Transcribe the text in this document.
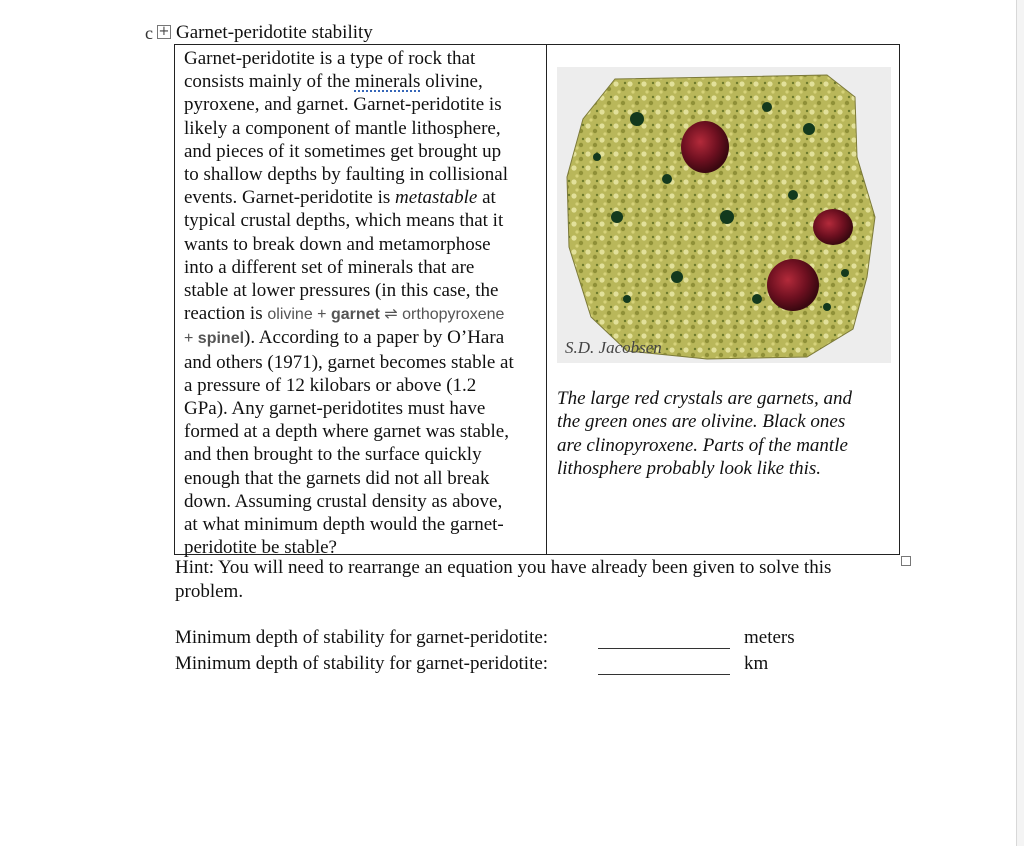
c + Garnet-peridotite stability
Garnet-peridotite is a type of rock that
consists mainly of the minerals olivine,
pyroxene, and garnet. Garnet-peridotite is
likely a component of mantle lithosphere,
and pieces of it sometimes get brought up
to shallow depths by faulting in collisional
events. Garnet-peridotite is metastable at
typical crustal depths, which means that it
wants to break down and metamorphose
into a different set of minerals that are
stable at lower pressures (in this case, the
reaction is olivine + garnet ⇌ orthopyroxene
+ spinel). According to a paper by O’Hara
and others (1971), garnet becomes stable at
a pressure of 12 kilobars or above (1.2
GPa). Any garnet-peridotites must have
formed at a depth where garnet was stable,
and then brought to the surface quickly
enough that the garnets did not all break
down. Assuming crustal density as above,
at what minimum depth would the garnet-
peridotite be stable?
S.D. Jacobsen
The large red crystals are garnets, and
the green ones are olivine. Black ones
are clinopyroxene. Parts of the mantle
lithosphere probably look like this.
Hint: You will need to rearrange an equation you have already been given to solve this
problem.
Minimum depth of stability for garnet-peridotite:	meters
Minimum depth of stability for garnet-peridotite:	km
